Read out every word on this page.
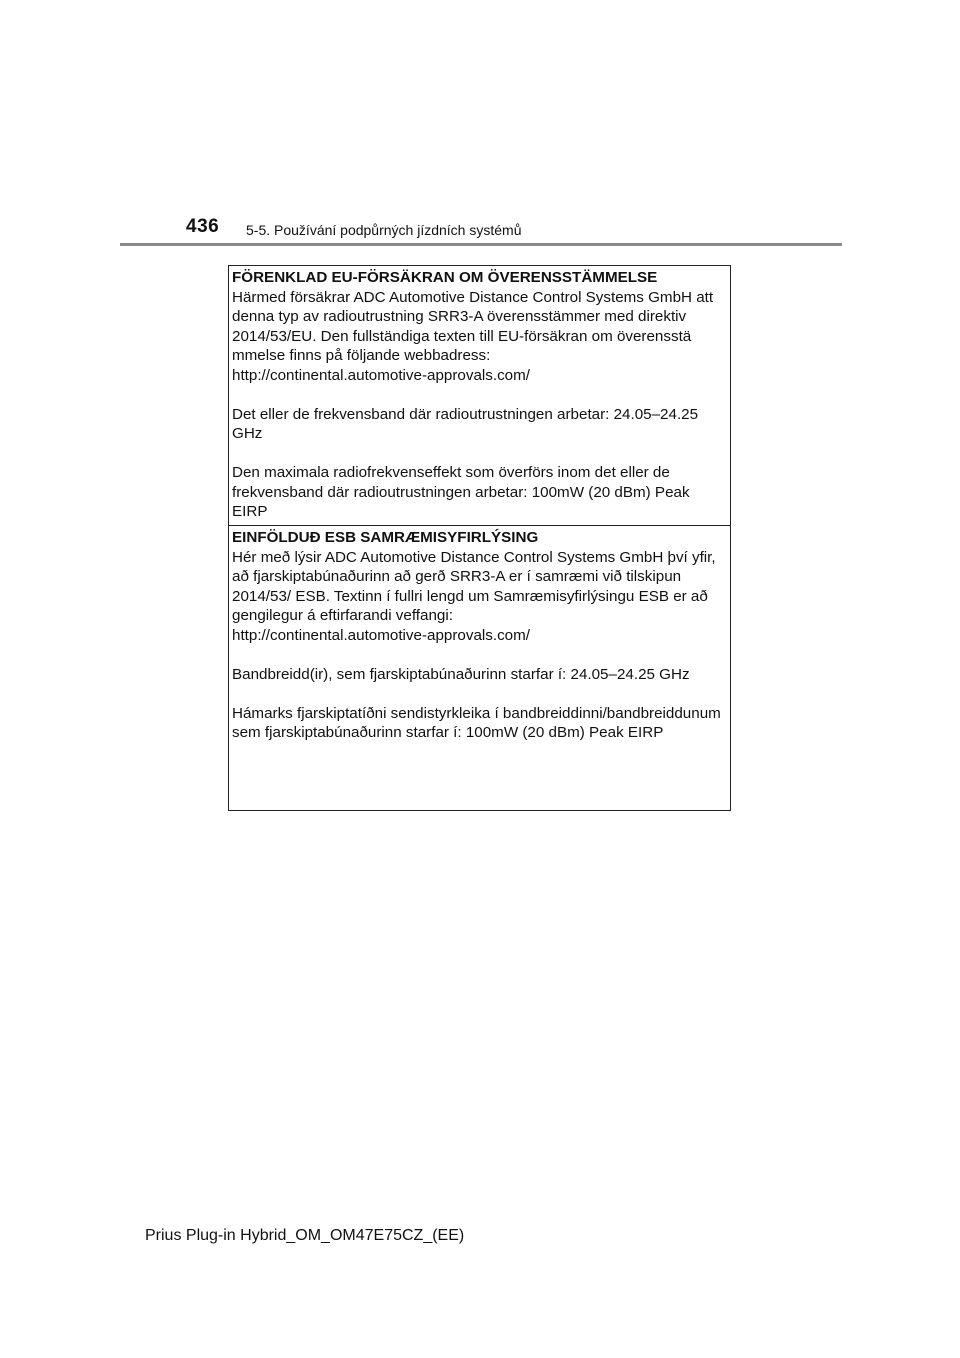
436 5-5. Používání podpůrných jízdních systémů
FÖRENKLAD EU-FÖRSÄKRAN OM ÖVERENSSTÄMMELSE

Härmed försäkrar ADC Automotive Distance Control Systems GmbH att
denna typ av radioutrustning SRR3-A överensstämmer med direktiv
2014/53/EU. Den fullständiga texten till EU-försäkran om överensstä
mmelse finns på följande webbadress:
http://continental.automotive-approvals.com/

Det eller de frekvensband där radioutrustningen arbetar: 24.05–24.25
GHz

Den maximala radiofrekvenseffekt som överförs inom det eller de
frekvensband där radioutrustningen arbetar: 100mW (20 dBm) Peak
EIRP

EINFÖLDUÐ ESB SAMRÆMISYFIRLÝSING

Hér með lýsir ADC Automotive Distance Control Systems GmbH því yfir,
að fjarskiptabúnaðurinn að gerð SRR3-A er í samræmi við tilskipun
2014/53/ ESB. Textinn í fullri lengd um Samræmisyfirlýsingu ESB er að
gengilegur á eftirfarandi veffangi:
http://continental.automotive-approvals.com/

Bandbreidd(ir), sem fjarskiptabúnaðurinn starfar í: 24.05–24.25 GHz

Hámarks fjarskiptatíðni sendistyrkleika í bandbreiddinni/bandbreiddunum
sem fjarskiptabúnaðurinn starfar í: 100mW (20 dBm) Peak EIRP

Prius Plug-in Hybrid_OM_OM47E75CZ_(EE)
